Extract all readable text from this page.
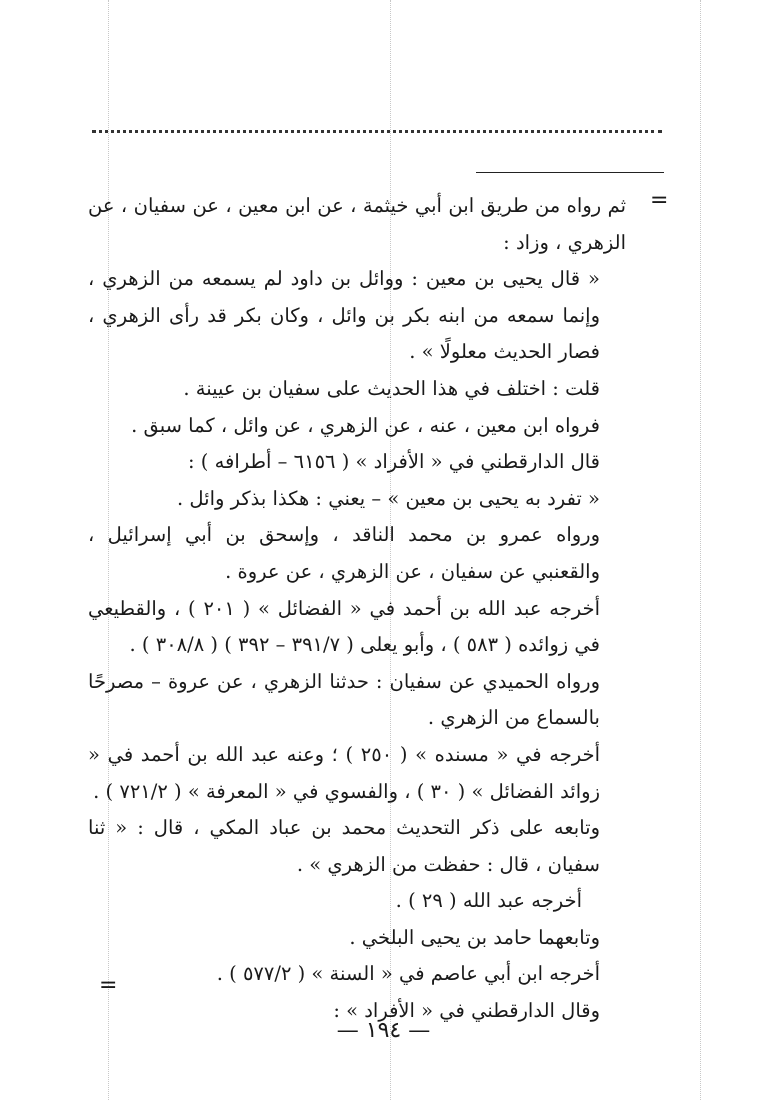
=

ثم رواه من طريق ابن أبي خيثمة ، عن ابن معين ، عن سفيان ، عن الزهري ، وزاد :

« قال يحيى بن معين : ووائل بن داود لم يسمعه من الزهري ، وإنما سمعه من ابنه بكر بن وائل ، وكان بكر قد رأى الزهري ، فصار الحديث معلولًا » .

قلت : اختلف في هذا الحديث على سفيان بن عيينة .

فرواه ابن معين ، عنه ، عن الزهري ، عن وائل ، كما سبق .

قال الدارقطني في « الأفراد » ( ٦١٥٦ – أطرافه ) :

« تفرد به يحيى بن معين » – يعني : هكذا بذكر وائل .

ورواه عمرو بن محمد الناقد ، وإسحق بن أبي إسرائيل ، والقعنبي عن سفيان ، عن الزهري ، عن عروة .

أخرجه عبد الله بن أحمد في « الفضائل » ( ٢٠١ ) ، والقطيعي في زوائده ( ٥٨٣ ) ، وأبو يعلى ( ٣٩١/٧ – ٣٩٢ ) ( ٣٠٨/٨ ) .

ورواه الحميدي عن سفيان : حدثنا الزهري ، عن عروة – مصرحًا بالسماع من الزهري .

أخرجه في « مسنده » ( ٢٥٠ ) ؛ وعنه عبد الله بن أحمد في « زوائد الفضائل » ( ٣٠ ) ، والفسوي في « المعرفة » ( ٧٢١/٢ ) .

وتابعه على ذكر التحديث محمد بن عباد المكي ، قال : « ثنا سفيان ، قال : حفظت من الزهري » .

أخرجه عبد الله ( ٢٩ ) .

وتابعهما حامد بن يحيى البلخي .

أخرجه ابن أبي عاصم في « السنة » ( ٥٧٧/٢ ) .

وقال الدارقطني في « الأفراد » :

=
— ١٩٤ —
